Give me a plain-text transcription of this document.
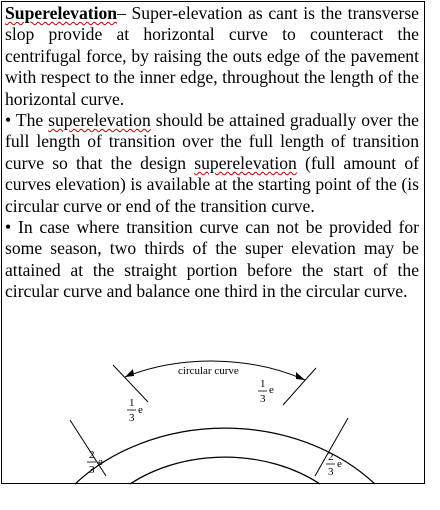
Superelevation– Super-elevation as cant is the transverse slop provide at horizontal curve to counteract the centrifugal force, by raising the outs edge of the pavement with respect to the inner edge, throughout the length of the horizontal curve.

• The superelevation should be attained gradually over the full length of transition over the full length of transition curve so that the design superelevation (full amount of curves elevation) is available at the starting point of the (is circular curve or end of the transition curve.

• In case where transition curve can not be provided for some season, two thirds of the super elevation may be attained at the straight portion before the start of the circular curve and balance one third in the circular curve.

circular curve
1
3
e
1
3
e
2
3
e	2
3
e
